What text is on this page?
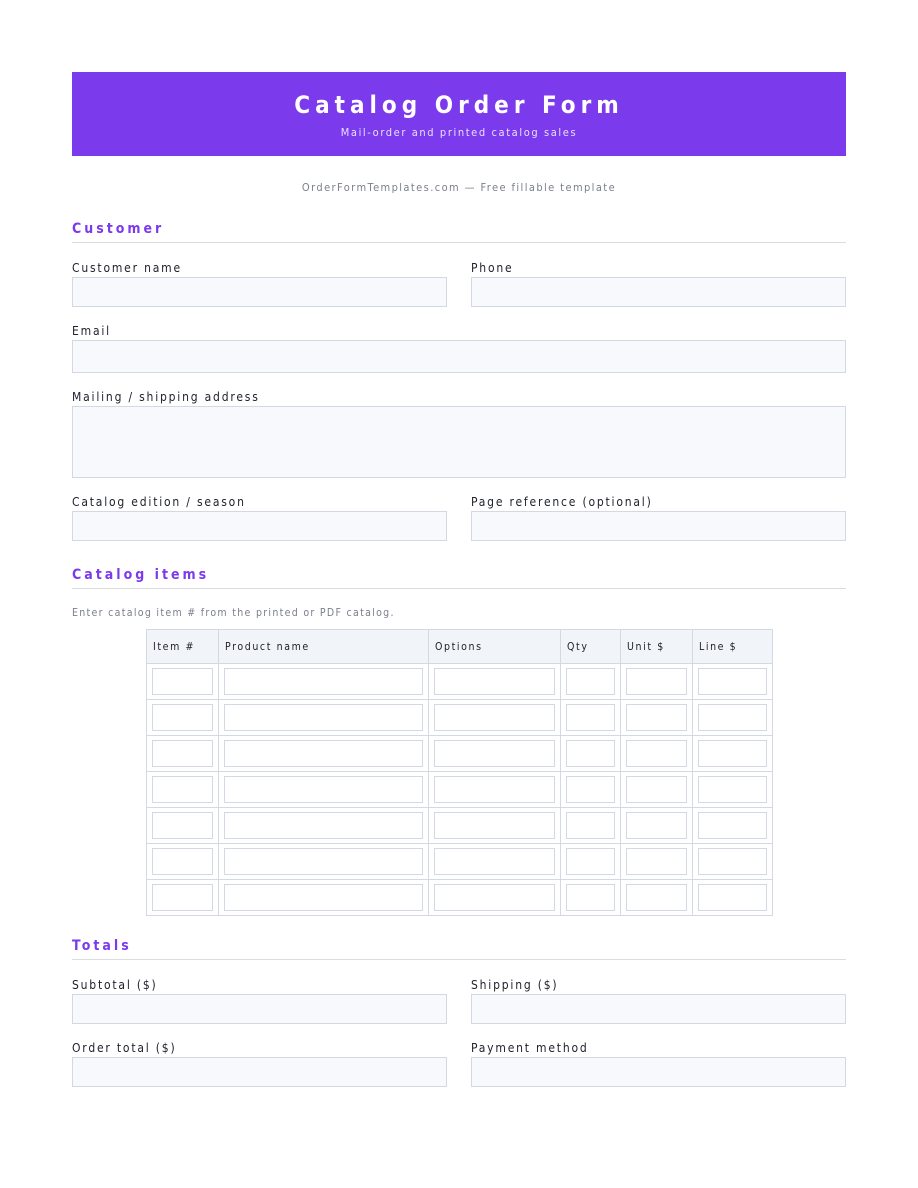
Catalog Order Form
Mail-order and printed catalog sales
OrderFormTemplates.com — Free fillable template
Customer
Customer name	Phone
Email
Mailing / shipping address
Catalog edition / season	Page reference (optional)
Catalog items
Enter catalog item # from the printed or PDF catalog.
Item #	Product name	Options	Qty	Unit $	Line $

Totals
Subtotal ($)	Shipping ($)
Order total ($)	Payment method
